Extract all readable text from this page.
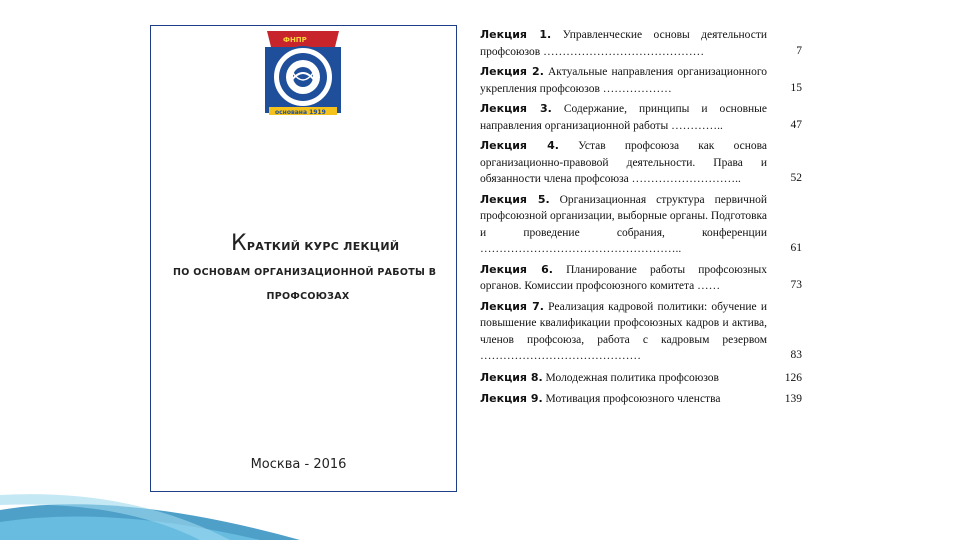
ФНПР
основана 1919
КРАТКИЙ КУРС ЛЕКЦИЙ
ПО ОСНОВАМ ОРГАНИЗАЦИОННОЙ РАБОТЫ В
ПРОФСОЮЗАХ
Москва - 2016
Лекция 1. Управленческие основы деятельности профсоюзов ……………………………………	7
Лекция 2. Актуальные направления организационного укрепления профсоюзов ………………	15
Лекция 3. Содержание, принципы и основные направления организационной работы …………..	47
Лекция 4. Устав профсоюза как основа организационно-правовой деятельности. Права и обязанности члена профсоюза ………………………..	52
Лекция 5. Организационная структура первичной профсоюзной организации, выборные органы. Подготовка и проведение собрания, конференции ……………………………………………..	61
Лекция 6. Планирование работы профсоюзных органов. Комиссии профсоюзного комитета ……	73
Лекция 7. Реализация кадровой политики: обучение и повышение квалификации профсоюзных кадров и актива, членов профсоюза, работа с кадровым резервом ……………………………………	83
Лекция 8. Молодежная политика профсоюзов	126
Лекция 9. Мотивация профсоюзного членства	139
